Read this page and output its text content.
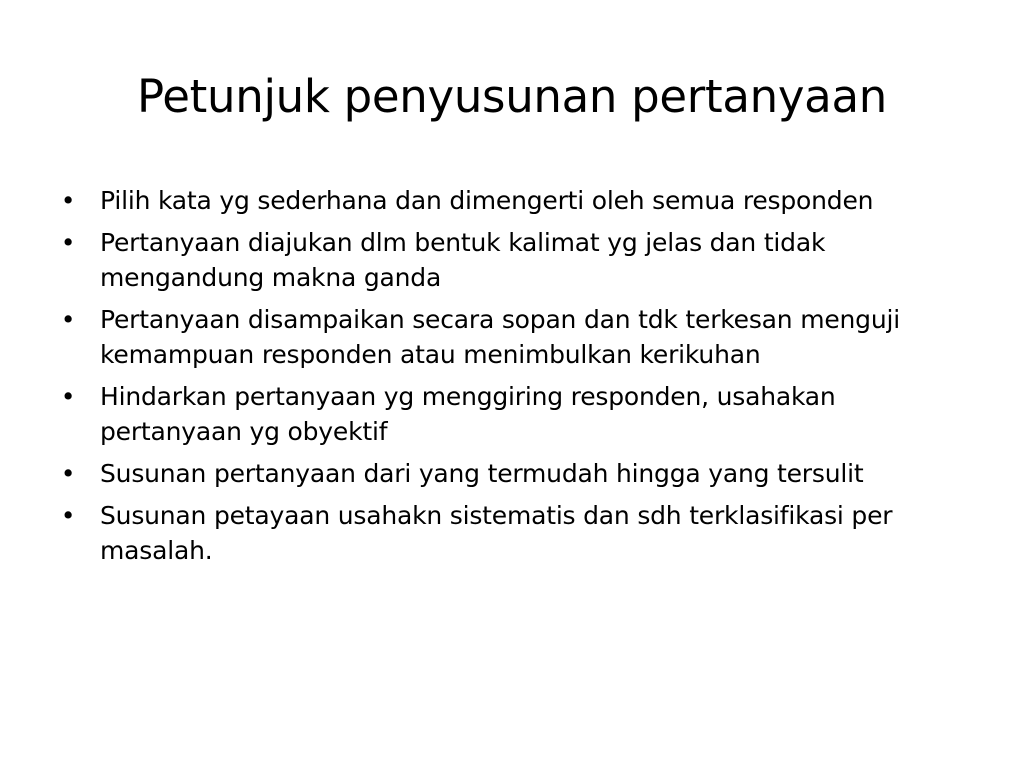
Petunjuk penyusunan pertanyaan
• Pilih kata yg sederhana dan dimengerti oleh semua responden
• Pertanyaan diajukan dlm bentuk kalimat yg jelas dan tidak mengandung makna ganda
• Pertanyaan disampaikan secara sopan dan tdk terkesan menguji kemampuan responden atau menimbulkan kerikuhan
• Hindarkan pertanyaan yg menggiring responden, usahakan pertanyaan yg obyektif
• Susunan pertanyaan dari yang termudah hingga yang tersulit
• Susunan petayaan usahakn sistematis dan sdh terklasifikasi per masalah.
